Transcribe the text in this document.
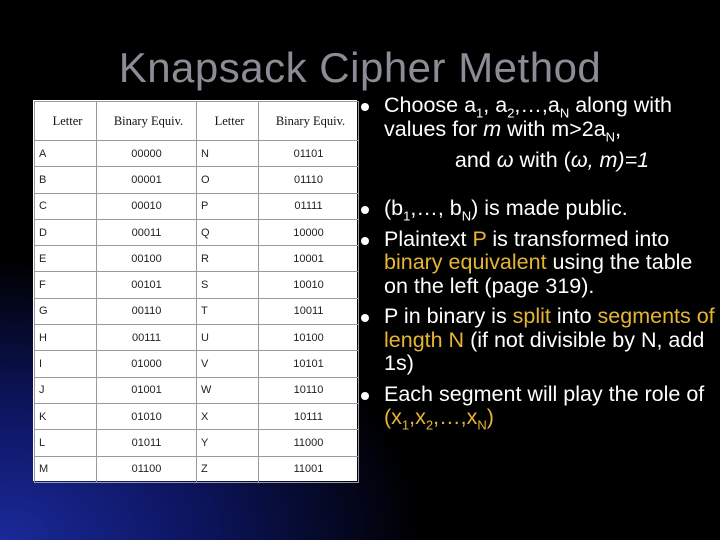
Knapsack Cipher Method
Letter	Binary Equiv.	Letter	Binary Equiv.
A	00000	N	01101
B	00001	O	01110
C	00010	P	01111
D	00011	Q	10000
E	00100	R	10001
F	00101	S	10010
G	00110	T	10011
H	00111	U	10100
I	01000	V	10101
J	01001	W	10110
K	01010	X	10111
L	01011	Y	11000
M	01100	Z	11001
Choose $a_1$, $a_2,\dots,a_N$ along with values for m with $m>2a_N$,
and ω with (ω, m)=1
($b_1,\dots$, $b_N$) is made public.
Plaintext P is transformed into binary equivalent using the table on the left (page 319).
P in binary is split into segments of length N (if not divisible by N, add 1s)
Each segment will play the role of $(x_1,x_2,\dots,x_N)$
